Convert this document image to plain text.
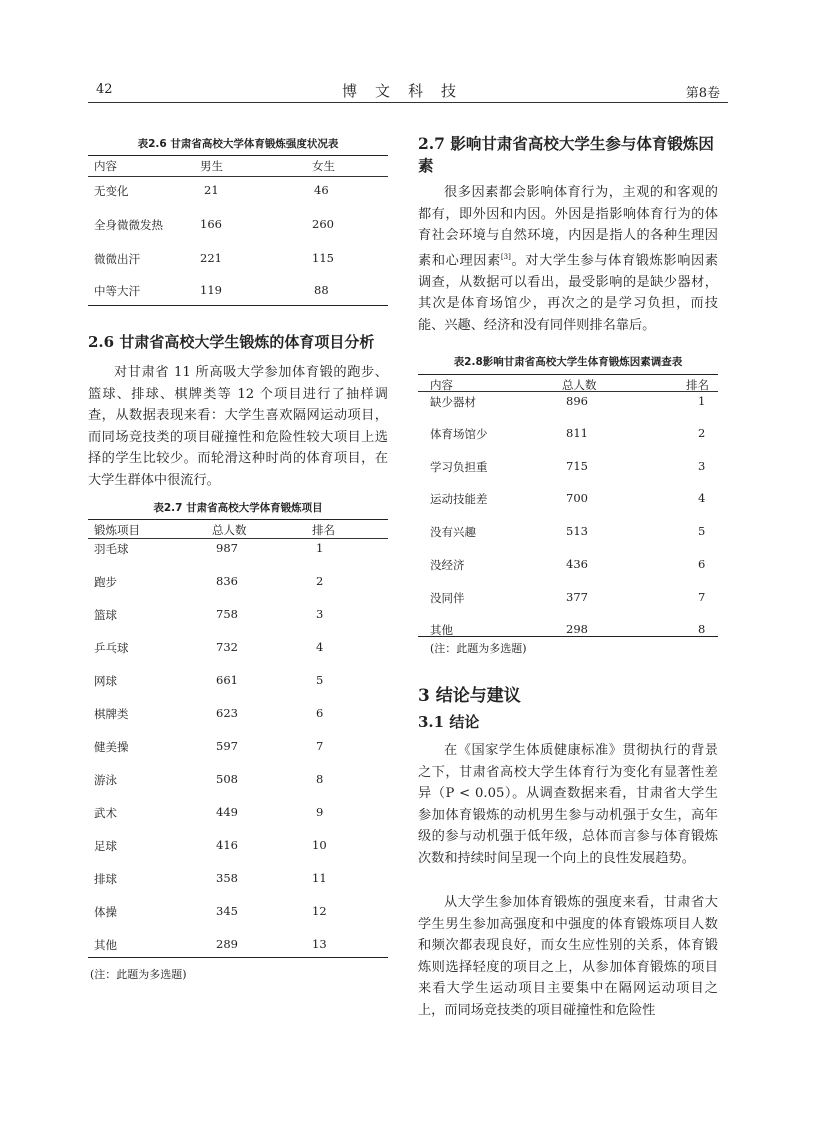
42	博文科技	第8卷
表2.6 甘肃省高校大学体育锻炼强度状况表
内容	男生	女生
无变化	21	46
全身微微发热	166	260
微微出汗	221	115
中等大汗	119	88
2.6 甘肃省高校大学生锻炼的体育项目分析

对甘肃省 11 所高吸大学参加体育锻的跑步、篮球、排球、棋牌类等 12 个项目进行了抽样调查，从数据表现来看：大学生喜欢隔网运动项目，而同场竞技类的项目碰撞性和危险性较大项目上选择的学生比较少。而轮滑这种时尚的体育项目，在大学生群体中很流行。

表2.7 甘肃省高校大学体育锻炼项目
锻炼项目	总人数	排名
羽毛球	987	1
跑步	836	2
篮球	758	3
乒乓球	732	4
网球	661	5
棋牌类	623	6
健美操	597	7
游泳	508	8
武术	449	9
足球	416	10
排球	358	11
体操	345	12
其他	289	13
(注：此题为多选题)
2.7 影响甘肃省高校大学生参与体育锻炼因
素

很多因素都会影响体育行为，主观的和客观的都有，即外因和内因。外因是指影响体育行为的体育社会环境与自然环境，内因是指人的各种生理因素和心理因素[3]。对大学生参与体育锻炼影响因素调查，从数据可以看出，最受影响的是缺少器材，其次是体育场馆少，再次之的是学习负担，而技能、兴趣、经济和没有同伴则排名靠后。

表2.8影响甘肃省高校大学生体育锻炼因素调查表
内容	总人数	排名
缺少器材	896	1
体育场馆少	811	2
学习负担重	715	3
运动技能差	700	4
没有兴趣	513	5
没经济	436	6
没同伴	377	7
其他	298	8
(注：此题为多选题)
3 结论与建议
3.1 结论

在《国家学生体质健康标准》贯彻执行的背景之下，甘肃省高校大学生体育行为变化有显著性差异（P < 0.05）。从调查数据来看，甘肃省大学生参加体育锻炼的动机男生参与动机强于女生，高年级的参与动机强于低年级，总体而言参与体育锻炼次数和持续时间呈现一个向上的良性发展趋势。

从大学生参加体育锻炼的强度来看，甘肃省大学生男生参加高强度和中强度的体育锻炼项目人数和频次都表现良好，而女生应性别的关系，体育锻炼则选择轻度的项目之上，从参加体育锻炼的项目来看大学生运动项目主要集中在隔网运动项目之上，而同场竞技类的项目碰撞性和危险性
